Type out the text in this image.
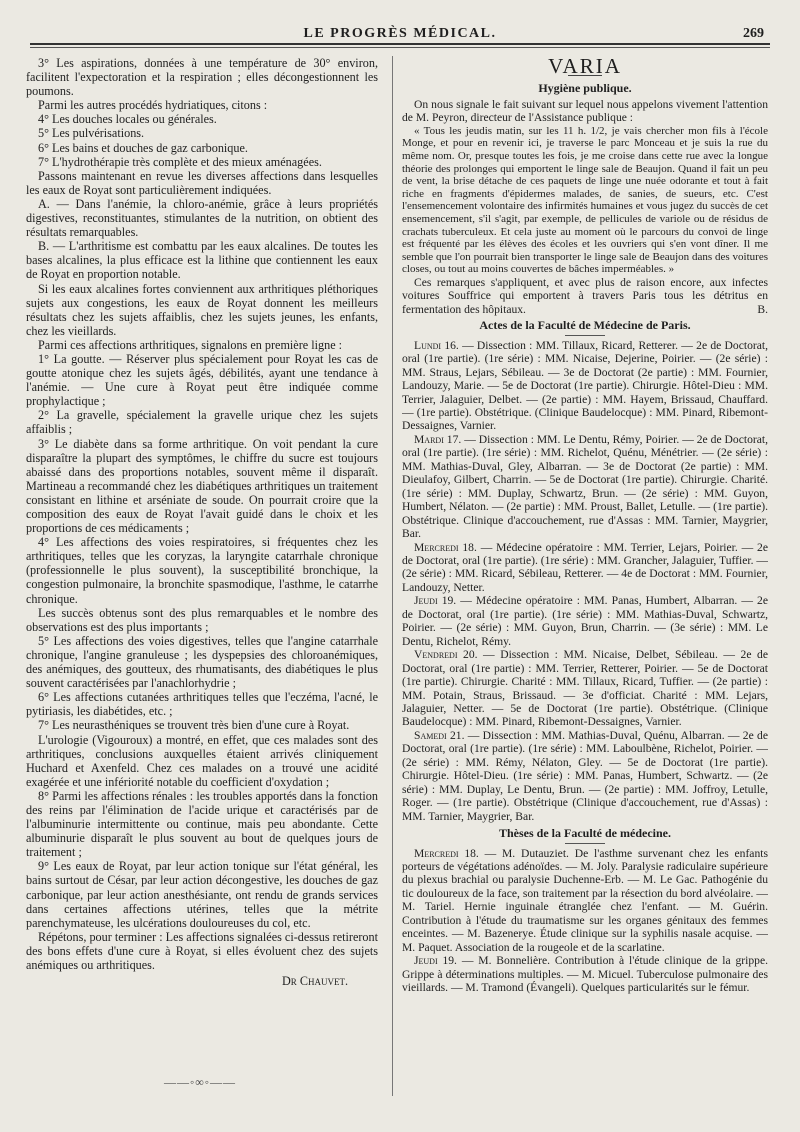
LE PROGRÈS MÉDICAL.	269

3° Les aspirations, données à une température de 30° environ, facilitent l'expectoration et la respiration ; elles décongestionnent les poumons.

Parmi les autres procédés hydriatiques, citons :

4° Les douches locales ou générales.

5° Les pulvérisations.

6° Les bains et douches de gaz carbonique.

7° L'hydrothérapie très complète et des mieux aménagées.

Passons maintenant en revue les diverses affections dans lesquelles les eaux de Royat sont particulièrement indiquées.

A. — Dans l'anémie, la chloro-anémie, grâce à leurs propriétés digestives, reconstituantes, stimulantes de la nutrition, on obtient des résultats remarquables.

B. — L'arthritisme est combattu par les eaux alcalines. De toutes les bases alcalines, la plus efficace est la lithine que contiennent les eaux de Royat en proportion notable.

Si les eaux alcalines fortes conviennent aux arthritiques pléthoriques sujets aux congestions, les eaux de Royat donnent les meilleurs résultats chez les sujets affaiblis, chez les sujets jeunes, les enfants, chez les vieillards.

Parmi ces affections arthritiques, signalons en première ligne :

1° La goutte. — Réserver plus spécialement pour Royat les cas de goutte atonique chez les sujets âgés, débilités, ayant une tendance à l'anémie. — Une cure à Royat peut être indiquée comme prophylactique ;

2° La gravelle, spécialement la gravelle urique chez les sujets affaiblis ;

3° Le diabète dans sa forme arthritique. On voit pendant la cure disparaître la plupart des symptômes, le chiffre du sucre est toujours abaissé dans des proportions notables, souvent même il disparaît. Martineau a recommandé chez les diabétiques arthritiques un traitement consistant en lithine et arséniate de soude. On pourrait croire que la composition des eaux de Royat l'avait guidé dans le choix et les proportions de ces médicaments ;

4° Les affections des voies respiratoires, si fréquentes chez les arthritiques, telles que les coryzas, la laryngite catarrhale chronique (professionnelle le plus souvent), la susceptibilité bronchique, la congestion pulmonaire, la bronchite spasmodique, l'asthme, le catarrhe chronique.

Les succès obtenus sont des plus remarquables et le nombre des observations est des plus importants ;

5° Les affections des voies digestives, telles que l'angine catarrhale chronique, l'angine granuleuse ; les dyspepsies des chloroanémiques, des anémiques, des goutteux, des rhumatisants, des diabétiques le plus souvent caractérisées par l'anachlorhydrie ;

6° Les affections cutanées arthritiques telles que l'eczéma, l'acné, le pytiriasis, les diabétides, etc. ;

7° Les neurasthéniques se trouvent très bien d'une cure à Royat.

L'urologie (Vigouroux) a montré, en effet, que ces malades sont des arthritiques, conclusions auxquelles étaient arrivés cliniquement Huchard et Axenfeld. Chez ces malades on a trouvé une acidité exagérée et une infériorité notable du coefficient d'oxydation ;

8° Parmi les affections rénales : les troubles apportés dans la fonction des reins par l'élimination de l'acide urique et caractérisés par de l'albuminurie intermittente ou continue, mais peu abondante. Cette albuminurie disparaît le plus souvent au bout de quelques jours de traitement ;

9° Les eaux de Royat, par leur action tonique sur l'état général, les bains surtout de César, par leur action décongestive, les douches de gaz carbonique, par leur action anesthésiante, ont rendu de grands services dans certaines affections utérines, telles que la métrite parenchymateuse, les ulcérations douloureuses du col, etc.

Répétons, pour terminer : Les affections signalées ci-dessus retireront des bons effets d'une cure à Royat, si elles évoluent chez des sujets anémiques ou arthritiques.

Dr Chauvet.
——◦∞◦——
VARIA
Hygiène publique.

On nous signale le fait suivant sur lequel nous appelons vivement l'attention de M. Peyron, directeur de l'Assistance publique :

« Tous les jeudis matin, sur les 11 h. 1/2, je vais chercher mon fils à l'école Monge, et pour en revenir ici, je traverse le parc Monceau et je suis la rue du même nom. Or, presque toutes les fois, je me croise dans cette rue avec la longue théorie des prolonges qui emportent le linge sale de Beaujon. Quand il fait un peu de vent, la brise détache de ces paquets de linge une nuée odorante et tout à fait riche en fragments d'épidermes malades, de sanies, de sueurs, etc. C'est l'ensemencement volontaire des infirmités humaines et vous jugez du succès de cet ensemencement, s'il s'agit, par exemple, de pellicules de variole ou de résidus de crachats tuberculeux. Et cela juste au moment où le parcours du convoi de linge est fréquenté par les élèves des écoles et les ouvriers qui s'en vont dîner. Il me semble que l'on pourrait bien transporter le linge sale de Beaujon dans des voitures closes, ou tout au moins couvertes de bâches imperméables. »

Ces remarques s'appliquent, et avec plus de raison encore, aux infectes voitures Souffrice qui emportent à travers Paris tous les détritus en fermentation des hôpitaux.	B.

Actes de la Faculté de Médecine de Paris.

Lundi 16. — Dissection : MM. Tillaux, Ricard, Retterer. — 2e de Doctorat, oral (1re partie). (1re série) : MM. Nicaise, Dejerine, Poirier. — (2e série) : MM. Straus, Lejars, Sébileau. — 3e de Doctorat (2e partie) : MM. Fournier, Landouzy, Marie. — 5e de Doctorat (1re partie). Chirurgie. Hôtel-Dieu : MM. Terrier, Jalaguier, Delbet. — (2e partie) : MM. Hayem, Brissaud, Chauffard. — (1re partie). Obstétrique. (Clinique Baudelocque) : MM. Pinard, Ribemont-Dessaignes, Varnier.

Mardi 17. — Dissection : MM. Le Dentu, Rémy, Poirier. — 2e de Doctorat, oral (1re partie). (1re série) : MM. Richelot, Quénu, Ménétrier. — (2e série) : MM. Mathias-Duval, Gley, Albarran. — 3e de Doctorat (2e partie) : MM. Dieulafoy, Gilbert, Charrin. — 5e de Doctorat (1re partie). Chirurgie. Charité. (1re série) : MM. Duplay, Schwartz, Brun. — (2e série) : MM. Guyon, Humbert, Nélaton. — (2e partie) : MM. Proust, Ballet, Letulle. — (1re partie). Obstétrique. Clinique d'accouchement, rue d'Assas : MM. Tarnier, Maygrier, Bar.

Mercredi 18. — Médecine opératoire : MM. Terrier, Lejars, Poirier. — 2e de Doctorat, oral (1re partie). (1re série) : MM. Grancher, Jalaguier, Tuffier. — (2e série) : MM. Ricard, Sébileau, Retterer. — 4e de Doctorat : MM. Fournier, Landouzy, Netter.

Jeudi 19. — Médecine opératoire : MM. Panas, Humbert, Albarran. — 2e de Doctorat, oral (1re partie). (1re série) : MM. Mathias-Duval, Schwartz, Poirier. — (2e série) : MM. Guyon, Brun, Charrin. — (3e série) : MM. Le Dentu, Richelot, Rémy.

Vendredi 20. — Dissection : MM. Nicaise, Delbet, Sébileau. — 2e de Doctorat, oral (1re partie) : MM. Terrier, Retterer, Poirier. — 5e de Doctorat (1re partie). Chirurgie. Charité : MM. Tillaux, Ricard, Tuffier. — (2e partie) : MM. Potain, Straus, Brissaud. — 3e d'officiat. Charité : MM. Lejars, Jalaguier, Netter. — 5e de Doctorat (1re partie). Obstétrique. (Clinique Baudelocque) : MM. Pinard, Ribemont-Dessaignes, Varnier.

Samedi 21. — Dissection : MM. Mathias-Duval, Quénu, Albarran. — 2e de Doctorat, oral (1re partie). (1re série) : MM. Laboulbène, Richelot, Poirier. — (2e série) : MM. Rémy, Nélaton, Gley. — 5e de Doctorat (1re partie). Chirurgie. Hôtel-Dieu. (1re série) : MM. Panas, Humbert, Schwartz. — (2e série) : MM. Duplay, Le Dentu, Brun. — (2e partie) : MM. Joffroy, Letulle, Roger. — (1re partie). Obstétrique (Clinique d'accouchement, rue d'Assas) : MM. Tarnier, Maygrier, Bar.

Thèses de la Faculté de médecine.

Mercredi 18. — M. Dutauziet. De l'asthme survenant chez les enfants porteurs de végétations adénoïdes. — M. Joly. Paralysie radiculaire supérieure du plexus brachial ou paralysie Duchenne-Erb. — M. Le Gac. Pathogénie du tic douloureux de la face, son traitement par la résection du bord alvéolaire. — M. Tariel. Hernie inguinale étranglée chez l'enfant. — M. Guérin. Contribution à l'étude du traumatisme sur les organes génitaux des femmes enceintes. — M. Bazenerye. Étude clinique sur la syphilis nasale acquise. — M. Paquet. Association de la rougeole et de la scarlatine.

Jeudi 19. — M. Bonnelière. Contribution à l'étude clinique de la grippe. Grippe à déterminations multiples. — M. Micuel. Tuberculose pulmonaire des vieillards. — M. Tramond (Évangeli). Quelques particularités sur le fémur.
